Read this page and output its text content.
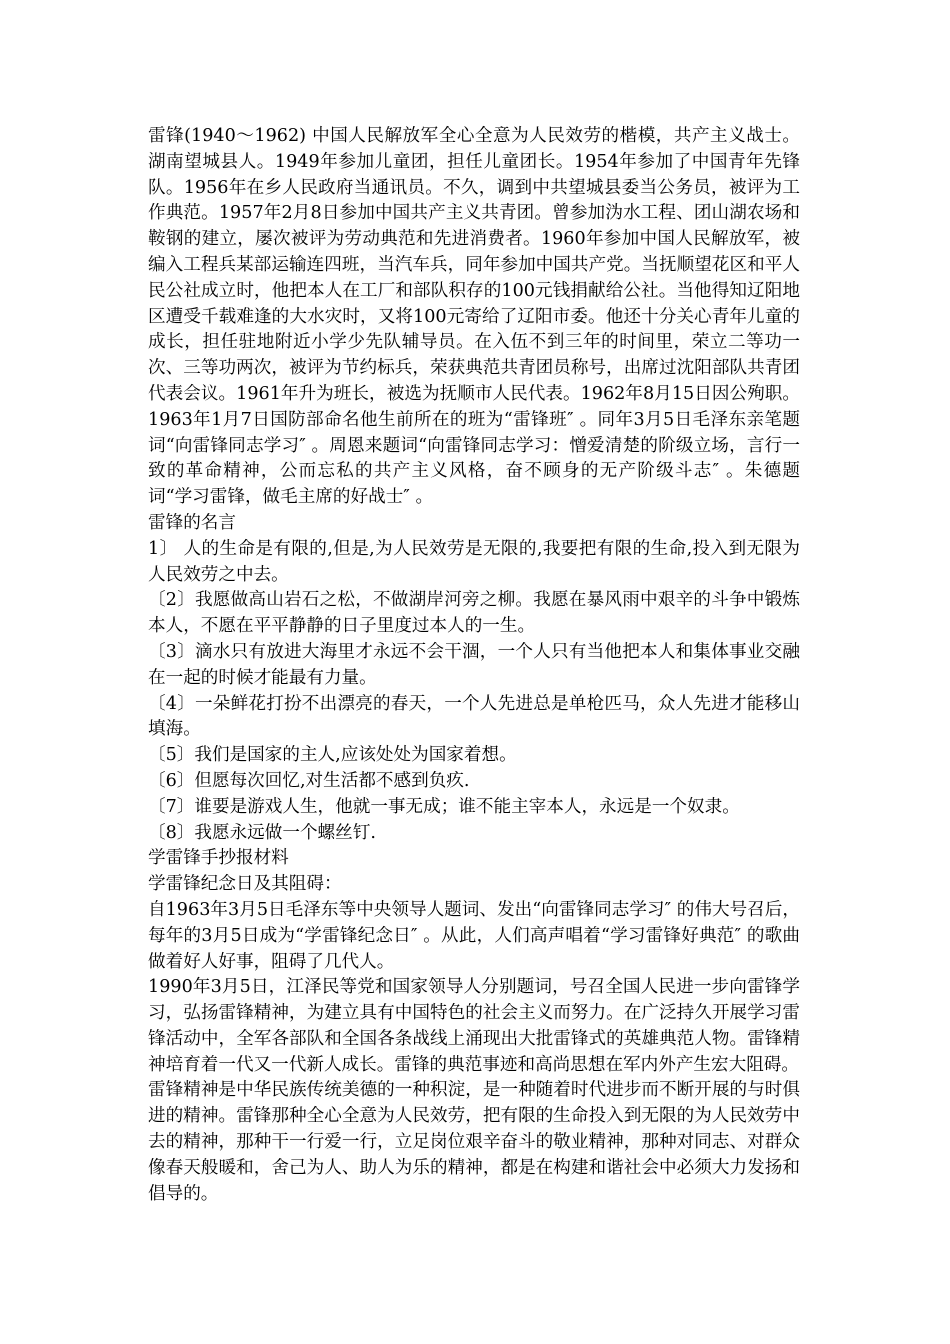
雷锋(1940～1962) 中国人民解放军全心全意为人民效劳的楷模，共产主义战士。湖南望城县人。1949年参加儿童团，担任儿童团长。1954年参加了中国青年先锋队。1956年在乡人民政府当通讯员。不久，调到中共望城县委当公务员，被评为工作典范。1957年2月8日参加中国共产主义共青团。曾参加沩水工程、团山湖农场和鞍钢的建立，屡次被评为劳动典范和先进消费者。1960年参加中国人民解放军，被编入工程兵某部运输连四班，当汽车兵，同年参加中国共产党。当抚顺望花区和平人民公社成立时，他把本人在工厂和部队积存的100元钱捐献给公社。当他得知辽阳地区遭受千载难逢的大水灾时，又将100元寄给了辽阳市委。他还十分关心青年儿童的成长，担任驻地附近小学少先队辅导员。在入伍不到三年的时间里，荣立二等功一次、三等功两次，被评为节约标兵，荣获典范共青团员称号，出席过沈阳部队共青团代表会议。1961年升为班长，被选为抚顺市人民代表。1962年8月15日因公殉职。1963年1月7日国防部命名他生前所在的班为“雷锋班″ 。同年3月5日毛泽东亲笔题词“向雷锋同志学习″ 。周恩来题词“向雷锋同志学习：憎爱清楚的阶级立场，言行一致的革命精神，公而忘私的共产主义风格，奋不顾身的无产阶级斗志″ 。朱德题词“学习雷锋，做毛主席的好战士″ 。

雷锋的名言

1〕 人的生命是有限的,但是,为人民效劳是无限的,我要把有限的生命,投入到无限为人民效劳之中去。

〔2〕我愿做高山岩石之松，不做湖岸河旁之柳。我愿在暴风雨中艰辛的斗争中锻炼本人，不愿在平平静静的日子里度过本人的一生。

〔3〕滴水只有放进大海里才永远不会干涸，一个人只有当他把本人和集体事业交融在一起的时候才能最有力量。

〔4〕一朵鲜花打扮不出漂亮的春天，一个人先进总是单枪匹马，众人先进才能移山填海。

〔5〕我们是国家的主人,应该处处为国家着想。

〔6〕但愿每次回忆,对生活都不感到负疚.

〔7〕谁要是游戏人生，他就一事无成；谁不能主宰本人，永远是一个奴隶。

〔8〕我愿永远做一个螺丝钉.

学雷锋手抄报材料

学雷锋纪念日及其阻碍：

自1963年3月5日毛泽东等中央领导人题词、发出“向雷锋同志学习″ 的伟大号召后，每年的3月5日成为“学雷锋纪念日″ 。从此，人们高声唱着“学习雷锋好典范″ 的歌曲做着好人好事，阻碍了几代人。

1990年3月5日，江泽民等党和国家领导人分别题词，号召全国人民进一步向雷锋学习，弘扬雷锋精神，为建立具有中国特色的社会主义而努力。在广泛持久开展学习雷锋活动中，全军各部队和全国各条战线上涌现出大批雷锋式的英雄典范人物。雷锋精神培育着一代又一代新人成长。雷锋的典范事迹和高尚思想在军内外产生宏大阻碍。

雷锋精神是中华民族传统美德的一种积淀，是一种随着时代进步而不断开展的与时俱进的精神。雷锋那种全心全意为人民效劳，把有限的生命投入到无限的为人民效劳中去的精神，那种干一行爱一行，立足岗位艰辛奋斗的敬业精神，那种对同志、对群众像春天般暖和，舍己为人、助人为乐的精神，都是在构建和谐社会中必须大力发扬和倡导的。
